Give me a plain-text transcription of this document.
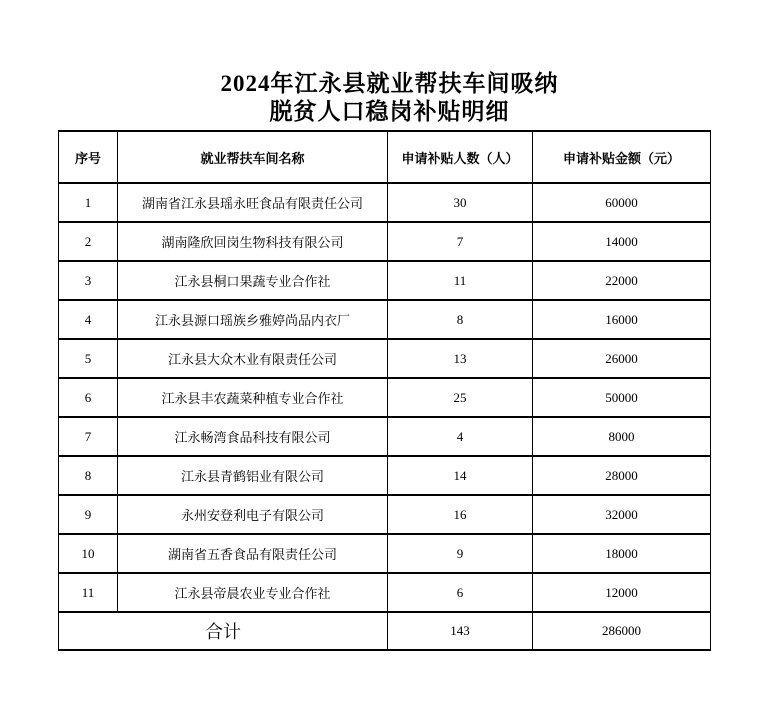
2024年江永县就业帮扶车间吸纳
脱贫人口稳岗补贴明细
序号	就业帮扶车间名称	申请补贴人数（人）	申请补贴金额（元）
1	湖南省江永县瑶永旺食品有限责任公司	30	60000
2	湖南隆欣回岗生物科技有限公司	7	14000
3	江永县桐口果蔬专业合作社	11	22000
4	江永县源口瑶族乡雅婷尚品内衣厂	8	16000
5	江永县大众木业有限责任公司	13	26000
6	江永县丰农蔬菜种植专业合作社	25	50000
7	江永畅湾食品科技有限公司	4	8000
8	江永县青鹤铝业有限公司	14	28000
9	永州安登利电子有限公司	16	32000
10	湖南省五香食品有限责任公司	9	18000
11	江永县帝晨农业专业合作社	6	12000
合计		143	286000
